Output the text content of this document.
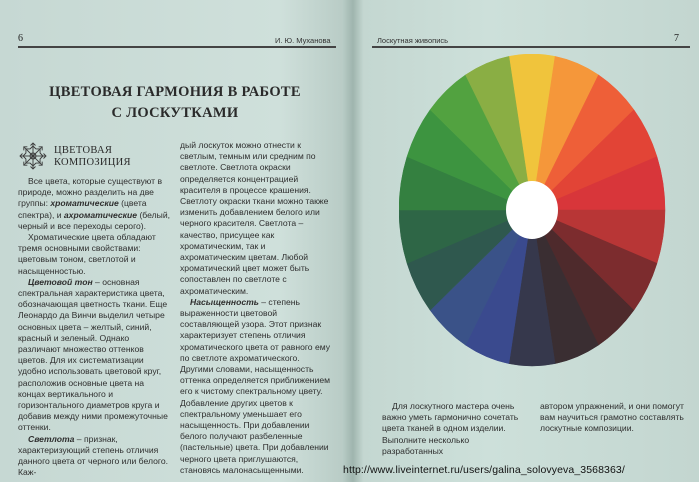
6	И. Ю. Муханова
ЦВЕТОВАЯ ГАРМОНИЯ В РАБОТЕ
С ЛОСКУТКАМИ
ЦВЕТОВАЯ
КОМПОЗИЦИЯ

Все цвета, которые существуют в природе, можно разделить на две группы: хроматические (цвета спектра), и ахроматические (белый, черный и все переходы серого).

Хроматические цвета обладают тремя основными свойствами: цветовым тоном, светлотой и насыщенностью.

Цветовой тон – основная спектральная характеристика цвета, обозначающая цветность ткани. Еще Леонардо да Винчи выделил четыре основных цвета – желтый, синий, красный и зеленый. Однако различают множество оттенков цветов. Для их систематизации удобно использовать цветовой круг, расположив основные цвета на концах вертикального и горизонтального диаметров круга и добавив между ними промежуточные оттенки.

Светлота – признак, характеризующий степень отличия данного цвета от черного или белого. Каж-

дый лоскуток можно отнести к светлым, темным или средним по светлоте. Светлота окраски определяется концентрацией красителя в процессе крашения. Светлоту окраски ткани можно также изменить добавлением белого или черного красителя. Светлота – качество, присущее как хроматическим, так и ахроматическим цветам. Любой хроматический цвет может быть сопоставлен по светлоте с ахроматическим.

Насыщенность – степень выраженности цветовой составляющей узора. Этот признак характеризует степень отличия хроматического цвета от равного ему по светлоте ахроматического. Другими словами, насыщенность оттенка определяется приближением его к чистому спектральному цвету. Добавление других цветов к спектральному уменьшает его насыщенность. При добавлении белого получают разбеленные (пастельные) цвета. При добавлении черного цвета приглушаются, становясь малонасыщенными.

Лоскутная живопись	7

Для лоскутного мастера очень важно уметь гармонично сочетать цвета тканей в одном изделии. Выполните несколько разработанных

автором упражнений, и они помогут вам научиться грамотно составлять лоскутные композиции.

http://www.liveinternet.ru/users/galina_solovyeva_3568363/
